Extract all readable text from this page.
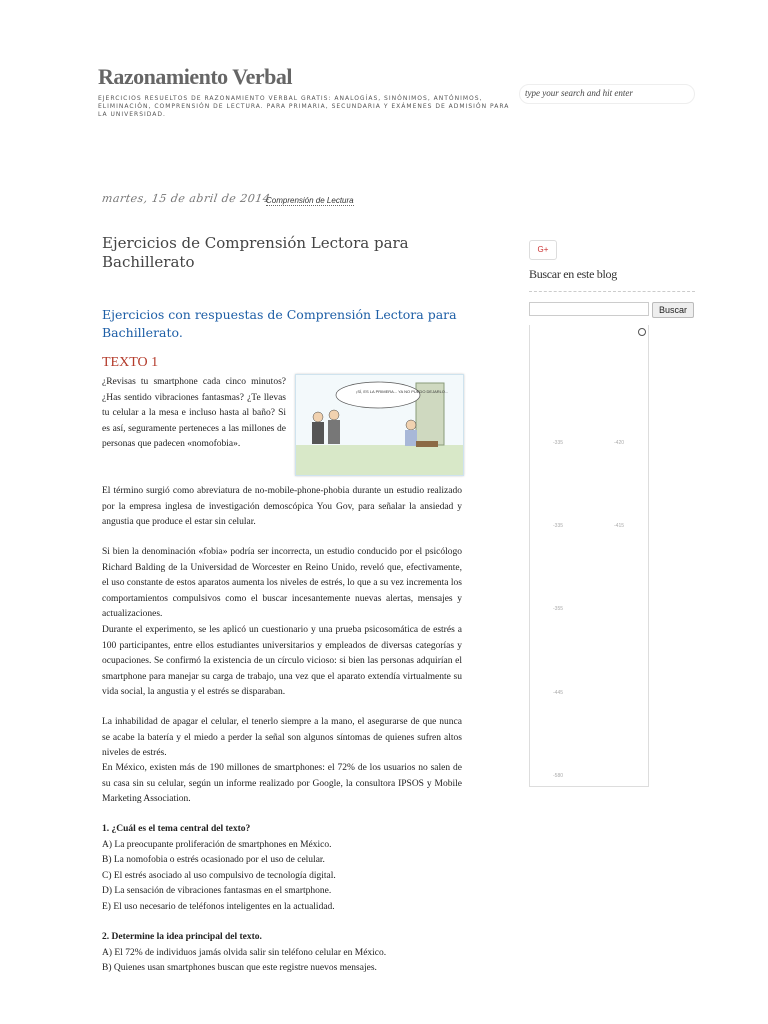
Razonamiento Verbal
EJERCICIOS RESUELTOS DE RAZONAMIENTO VERBAL GRATIS: ANALOGÍAS, SINÓNIMOS, ANTÓNIMOS, ELIMINACIÓN, COMPRENSIÓN DE LECTURA. PARA PRIMARIA, SECUNDARIA Y EXÁMENES DE ADMISIÓN PARA LA UNIVERSIDAD.
type your search and hit enter
martes, 15 de abril de 2014
Comprensión de Lectura
Ejercicios de Comprensión Lectora para Bachillerato
Ejercicios con respuestas de Comprensión Lectora para Bachillerato.
TEXTO 1
¿Revisas tu smartphone cada cinco minutos? ¿Has sentido vibraciones fantasmas? ¿Te llevas tu celular a la mesa e incluso hasta al baño? Si es así, seguramente perteneces a las millones de personas que padecen «nomofobia».
¡SÍ, ES LA PRIMERA... YA NO PUEDO DEJARLO...
El término surgió como abreviatura de no-mobile-phone-phobia durante un estudio realizado por la empresa inglesa de investigación demoscópica You Gov, para señalar la ansiedad y angustia que produce el estar sin celular.
Si bien la denominación «fobia» podría ser incorrecta, un estudio conducido por el psicólogo Richard Balding de la Universidad de Worcester en Reino Unido, reveló que, efectivamente, el uso constante de estos aparatos aumenta los niveles de estrés, lo que a su vez incrementa los comportamientos compulsivos como el buscar incesantemente nuevas alertas, mensajes y actualizaciones.
Durante el experimento, se les aplicó un cuestionario y una prueba psicosomática de estrés a 100 participantes, entre ellos estudiantes universitarios y empleados de diversas categorías y ocupaciones. Se confirmó la existencia de un círculo vicioso: si bien las personas adquirían el smartphone para manejar su carga de trabajo, una vez que el aparato extendía virtualmente su vida social, la angustia y el estrés se disparaban.
La inhabilidad de apagar el celular, el tenerlo siempre a la mano, el asegurarse de que nunca se acabe la batería y el miedo a perder la señal son algunos síntomas de quienes sufren altos niveles de estrés.
En México, existen más de 190 millones de smartphones: el 72% de los usuarios no salen de su casa sin su celular, según un informe realizado por Google, la consultora IPSOS y Mobile Marketing Association.
1. ¿Cuál es el tema central del texto?
A) La preocupante proliferación de smartphones en México.
B) La nomofobia o estrés ocasionado por el uso de celular.
C) El estrés asociado al uso compulsivo de tecnología digital.
D) La sensación de vibraciones fantasmas en el smartphone.
E) El uso necesario de teléfonos inteligentes en la actualidad.
2. Determine la idea principal del texto.
A) El 72% de individuos jamás olvida salir sin teléfono celular en México.
B) Quienes usan smartphones buscan que este registre nuevos mensajes.
G+
Buscar en este blog
Buscar
-335	-420
-335	-415
-355
-445
-580
